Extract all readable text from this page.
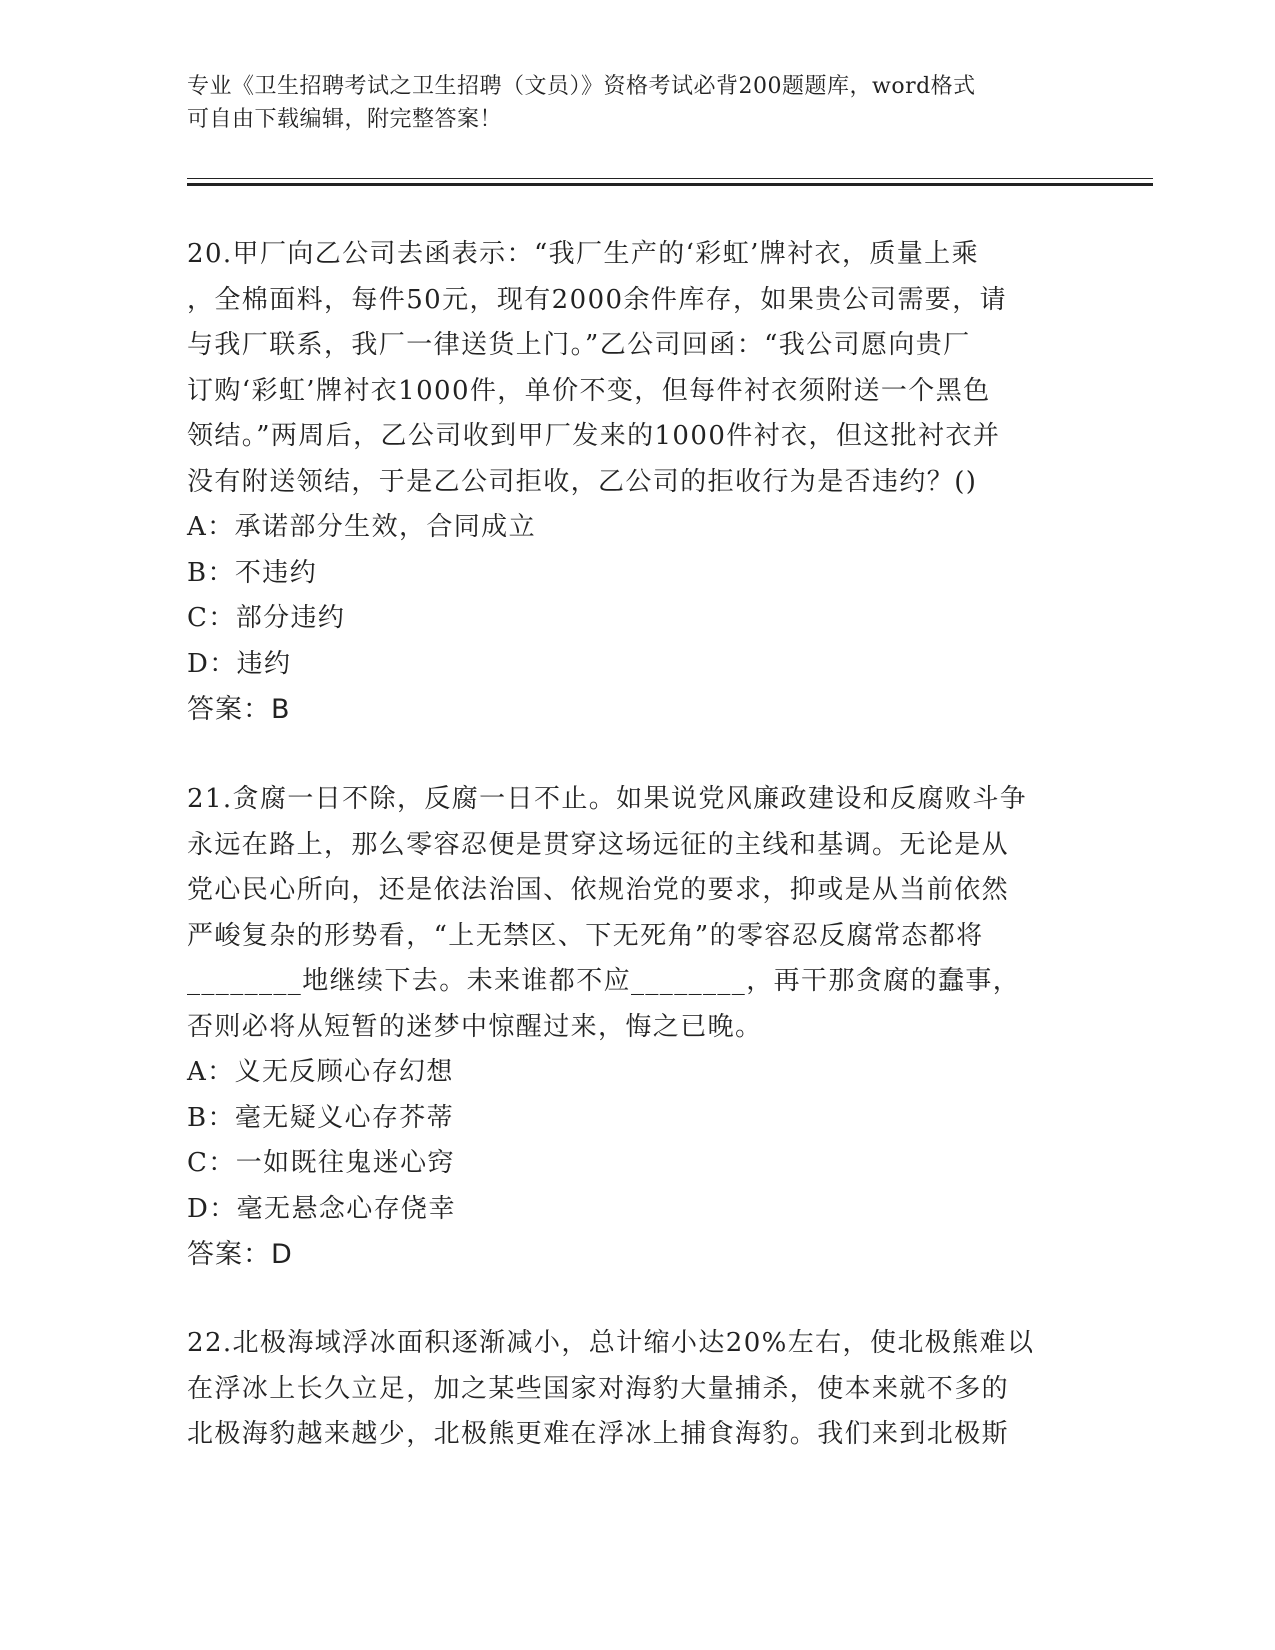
专业《卫生招聘考试之卫生招聘（文员）》资格考试必背200题题库，word格式
可自由下载编辑，附完整答案！
20.甲厂向乙公司去函表示：“我厂生产的‘彩虹’牌衬衣，质量上乘
，全棉面料，每件50元，现有2000余件库存，如果贵公司需要，请
与我厂联系，我厂一律送货上门。”乙公司回函：“我公司愿向贵厂
订购‘彩虹’牌衬衣1000件，单价不变，但每件衬衣须附送一个黑色
领结。”两周后，乙公司收到甲厂发来的1000件衬衣，但这批衬衣并
没有附送领结，于是乙公司拒收，乙公司的拒收行为是否违约？()
A：承诺部分生效，合同成立
B：不违约
C：部分违约
D：违约
答案：B
21.贪腐一日不除，反腐一日不止。如果说党风廉政建设和反腐败斗争
永远在路上，那么零容忍便是贯穿这场远征的主线和基调。无论是从
党心民心所向，还是依法治国、依规治党的要求，抑或是从当前依然
严峻复杂的形势看，“上无禁区、下无死角”的零容忍反腐常态都将
________地继续下去。未来谁都不应________，再干那贪腐的蠢事，
否则必将从短暂的迷梦中惊醒过来，悔之已晚。
A：义无反顾心存幻想
B：毫无疑义心存芥蒂
C：一如既往鬼迷心窍
D：毫无悬念心存侥幸
答案：D
22.北极海域浮冰面积逐渐减小，总计缩小达20%左右，使北极熊难以
在浮冰上长久立足，加之某些国家对海豹大量捕杀，使本来就不多的
北极海豹越来越少，北极熊更难在浮冰上捕食海豹。我们来到北极斯
